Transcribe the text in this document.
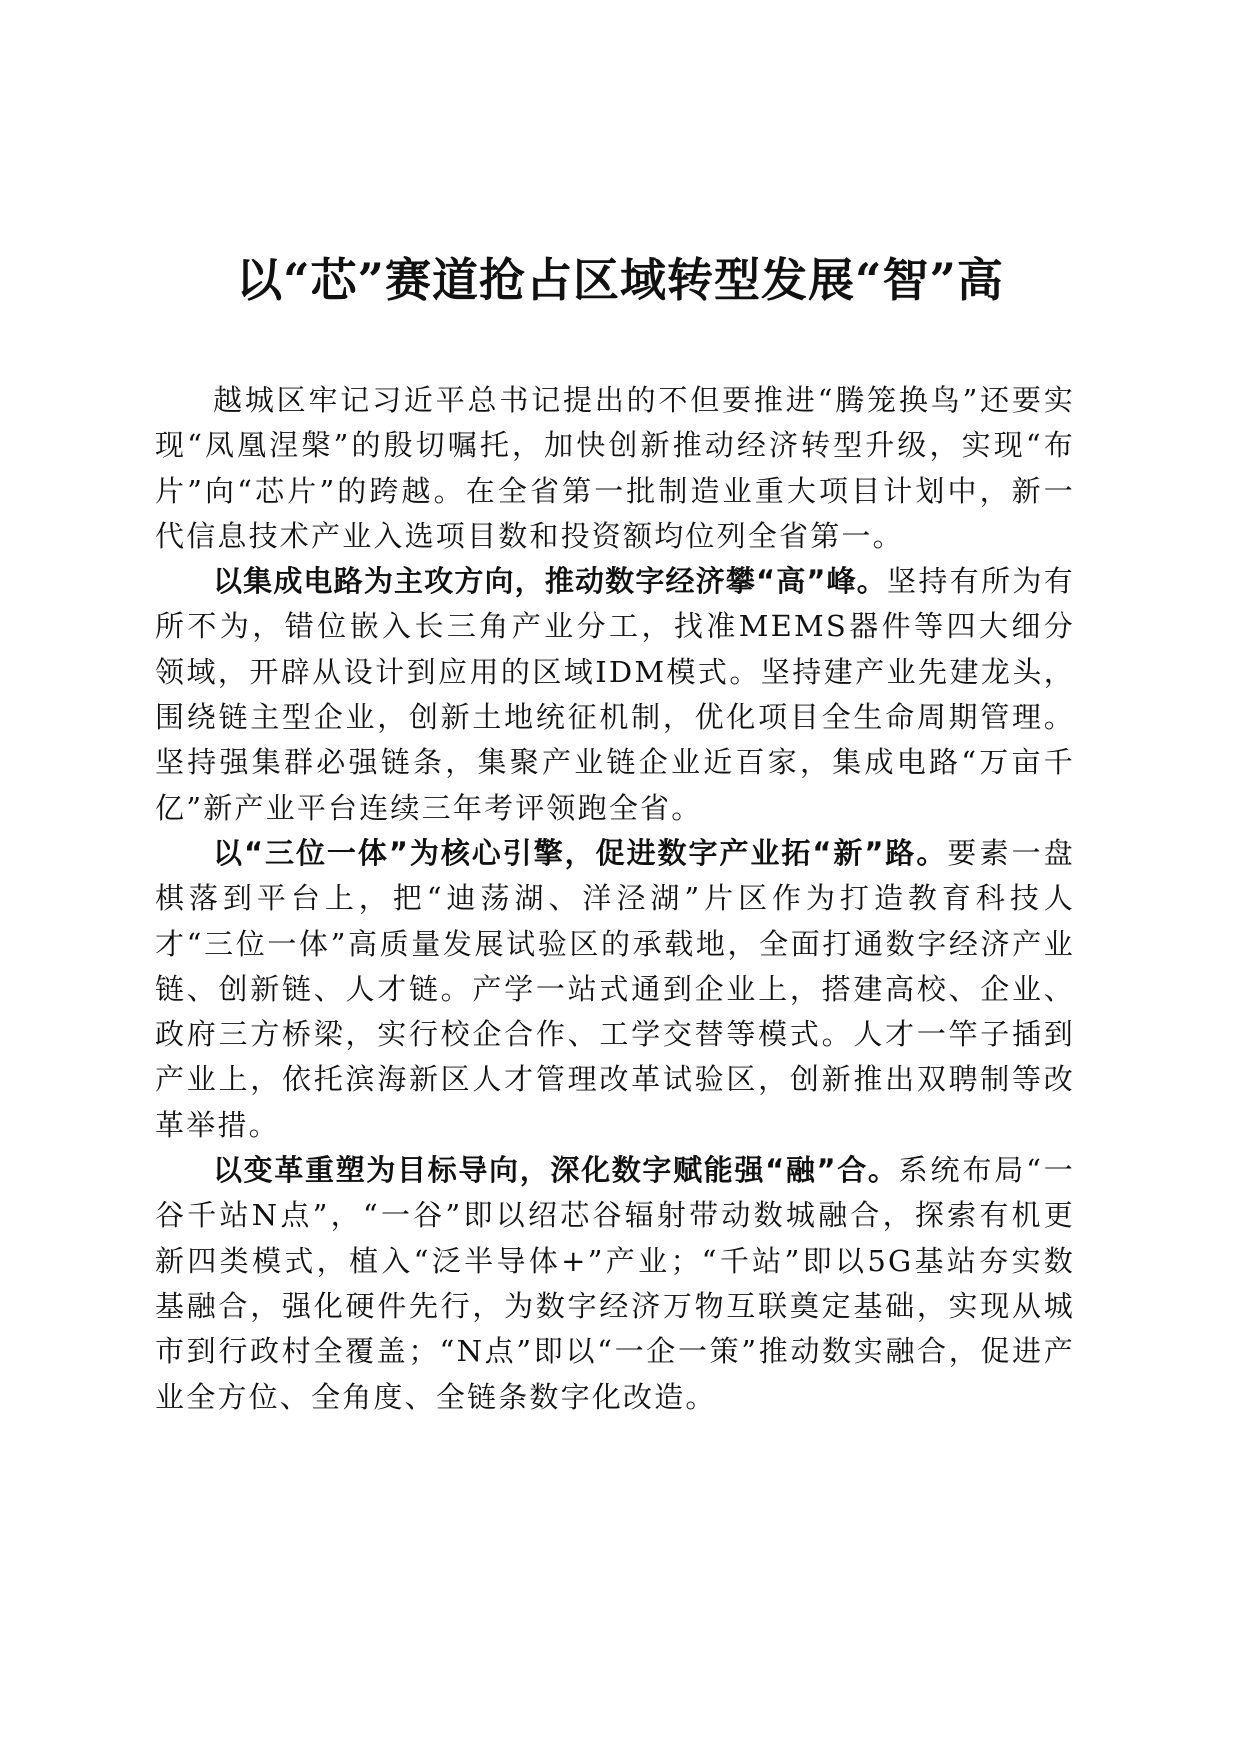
以“芯”赛道抢占区域转型发展“智”高

越城区牢记习近平总书记提出的不但要推进“腾笼换鸟”还要实现“凤凰涅槃”的殷切嘱托，加快创新推动经济转型升级，实现“布片”向“芯片”的跨越。在全省第一批制造业重大项目计划中，新一代信息技术产业入选项目数和投资额均位列全省第一。

以集成电路为主攻方向，推动数字经济攀“高”峰。坚持有所为有所不为，错位嵌入长三角产业分工，找准MEMS器件等四大细分领域，开辟从设计到应用的区域IDM模式。坚持建产业先建龙头，围绕链主型企业，创新土地统征机制，优化项目全生命周期管理。坚持强集群必强链条，集聚产业链企业近百家，集成电路“万亩千亿”新产业平台连续三年考评领跑全省。

以“三位一体”为核心引擎，促进数字产业拓“新”路。要素一盘棋落到平台上，把“迪荡湖、洋泾湖”片区作为打造教育科技人才“三位一体”高质量发展试验区的承载地，全面打通数字经济产业链、创新链、人才链。产学一站式通到企业上，搭建高校、企业、政府三方桥梁，实行校企合作、工学交替等模式。人才一竿子插到产业上，依托滨海新区人才管理改革试验区，创新推出双聘制等改革举措。

以变革重塑为目标导向，深化数字赋能强“融”合。系统布局“一谷千站N点”，“一谷”即以绍芯谷辐射带动数城融合，探索有机更新四类模式，植入“泛半导体+”产业；“千站”即以5G基站夯实数基融合，强化硬件先行，为数字经济万物互联奠定基础，实现从城市到行政村全覆盖；“N点”即以“一企一策”推动数实融合，促进产业全方位、全角度、全链条数字化改造。
